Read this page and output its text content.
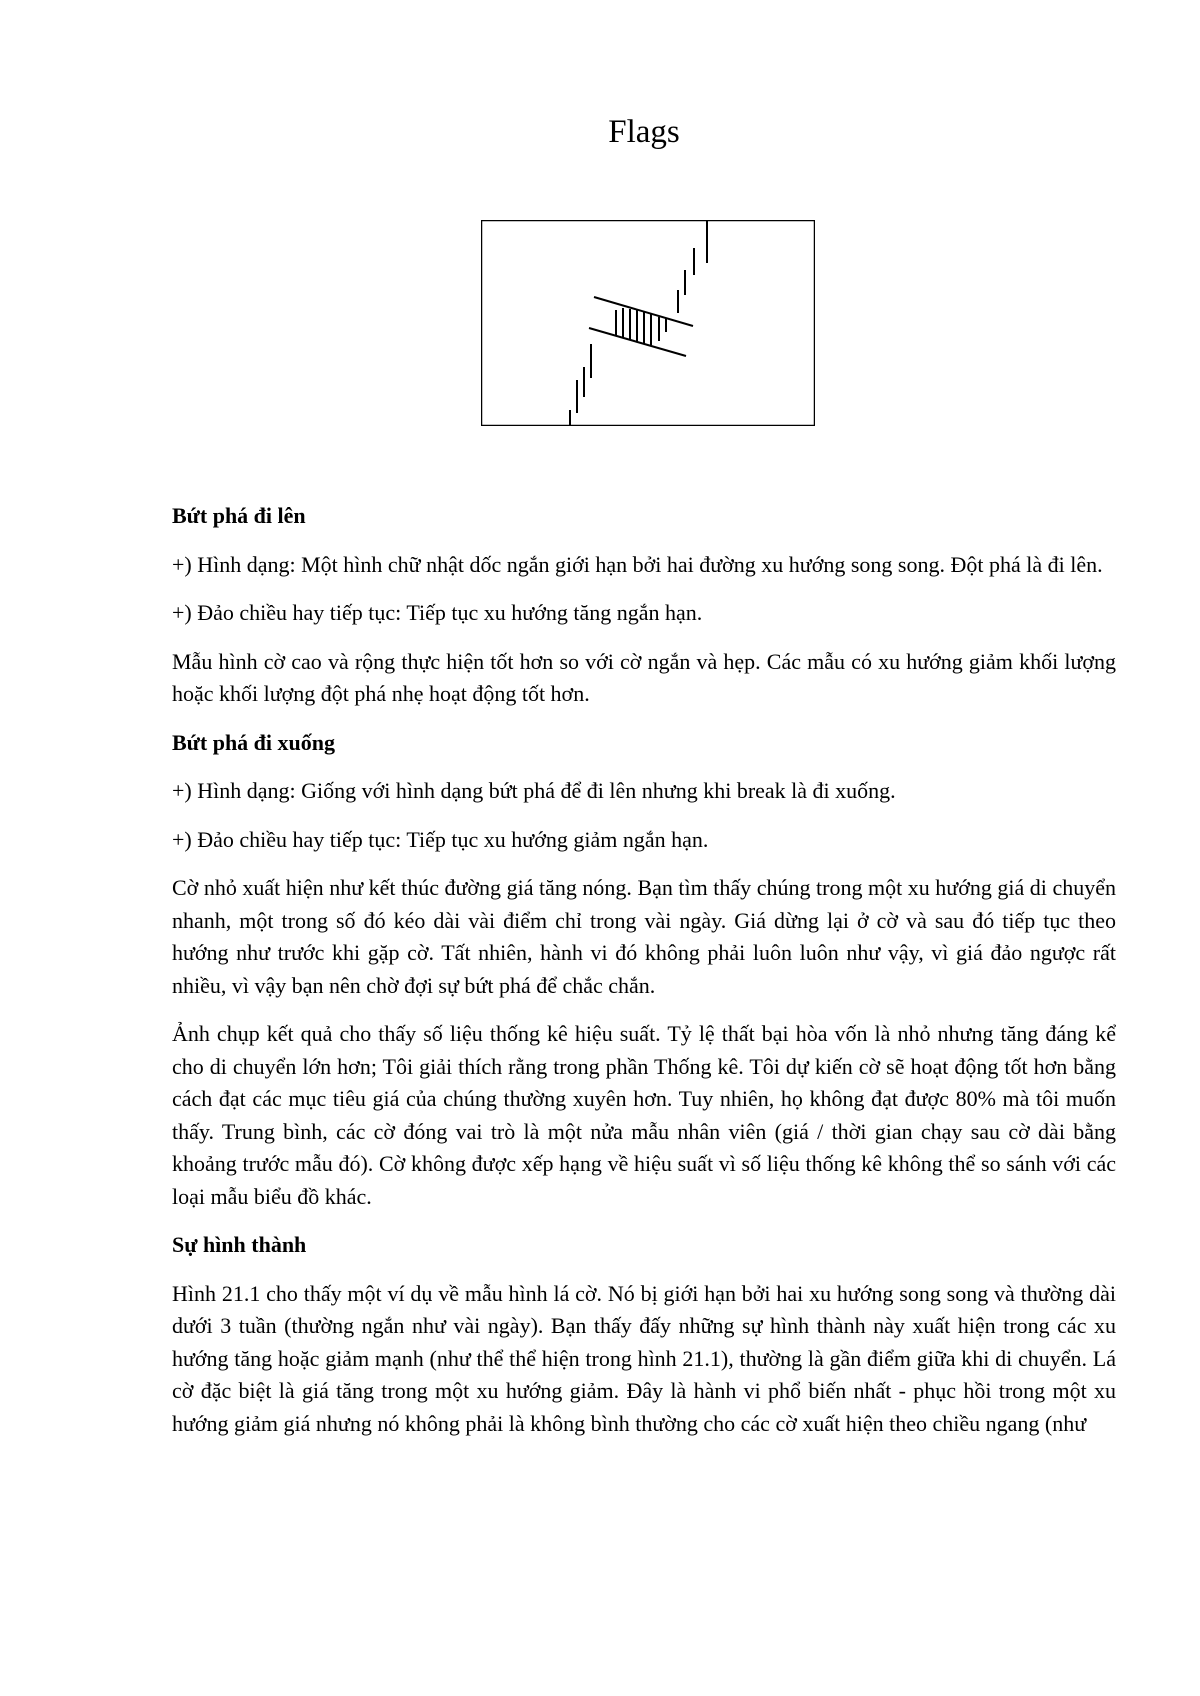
Flags
Bứt phá đi lên

+) Hình dạng: Một hình chữ nhật dốc ngắn giới hạn bởi hai đường xu hướng song song. Đột phá là đi lên.

+) Đảo chiều hay tiếp tục: Tiếp tục xu hướng tăng ngắn hạn.

Mẫu hình cờ cao và rộng thực hiện tốt hơn so với cờ ngắn và hẹp. Các mẫu có xu hướng giảm khối lượng hoặc khối lượng đột phá nhẹ hoạt động tốt hơn.

Bứt phá đi xuống

+) Hình dạng: Giống với hình dạng bứt phá để đi lên nhưng khi break là đi xuống.

+) Đảo chiều hay tiếp tục: Tiếp tục xu hướng giảm ngắn hạn.

Cờ nhỏ xuất hiện như kết thúc đường giá tăng nóng. Bạn tìm thấy chúng trong một xu hướng giá di chuyển nhanh, một trong số đó kéo dài vài điểm chỉ trong vài ngày. Giá dừng lại ở cờ và sau đó tiếp tục theo hướng như trước khi gặp cờ. Tất nhiên, hành vi đó không phải luôn luôn như vậy, vì giá đảo ngược rất nhiều, vì vậy bạn nên chờ đợi sự bứt phá để chắc chắn.

Ảnh chụp kết quả cho thấy số liệu thống kê hiệu suất. Tỷ lệ thất bại hòa vốn là nhỏ nhưng tăng đáng kể cho di chuyển lớn hơn; Tôi giải thích rằng trong phần Thống kê. Tôi dự kiến cờ sẽ hoạt động tốt hơn bằng cách đạt các mục tiêu giá của chúng thường xuyên hơn. Tuy nhiên, họ không đạt được 80% mà tôi muốn thấy. Trung bình, các cờ đóng vai trò là một nửa mẫu nhân viên (giá / thời gian chạy sau cờ dài bằng khoảng trước mẫu đó). Cờ không được xếp hạng về hiệu suất vì số liệu thống kê không thể so sánh với các loại mẫu biểu đồ khác.

Sự hình thành

Hình 21.1 cho thấy một ví dụ về mẫu hình lá cờ. Nó bị giới hạn bởi hai xu hướng song song và thường dài dưới 3 tuần (thường ngắn như vài ngày). Bạn thấy đấy những sự hình thành này xuất hiện trong các xu hướng tăng hoặc giảm mạnh (như thể thể hiện trong hình 21.1), thường là gần điểm giữa khi di chuyển. Lá cờ đặc biệt là giá tăng trong một xu hướng giảm. Đây là hành vi phổ biến nhất - phục hồi trong một xu hướng giảm giá nhưng nó không phải là không bình thường cho các cờ xuất hiện theo chiều ngang (như
